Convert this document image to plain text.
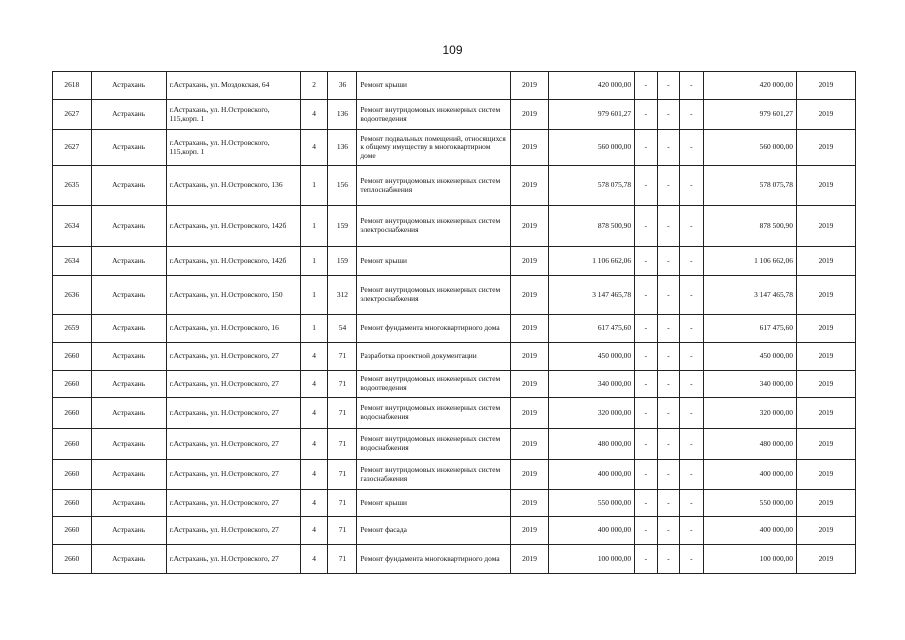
109
2618	Астрахань	г.Астрахань, ул. Моздокская, 64	2	36	Ремонт крыши	2019	420 000,00	-	-	-	420 000,00	2019
2627	Астрахань	г.Астрахань, ул. Н.Островского, 115,корп. 1	4	136	Ремонт внутридомовых инженерных систем водоотведения	2019	979 601,27	-	-	-	979 601,27	2019
2627	Астрахань	г.Астрахань, ул. Н.Островского, 115,корп. 1	4	136	Ремонт подвальных помещений, относящихся к общему имуществу в многоквартирном доме	2019	560 000,00	-	-	-	560 000,00	2019
2635	Астрахань	г.Астрахань, ул. Н.Островского, 136	1	156	Ремонт внутридомовых инженерных систем теплоснабжения	2019	578 075,78	-	-	-	578 075,78	2019
2634	Астрахань	г.Астрахань, ул. Н.Островского, 142б	1	159	Ремонт внутридомовых инженерных систем электроснабжения	2019	878 500,90	-	-	-	878 500,90	2019
2634	Астрахань	г.Астрахань, ул. Н.Островского, 142б	1	159	Ремонт крыши	2019	1 106 662,06	-	-	-	1 106 662,06	2019
2636	Астрахань	г.Астрахань, ул. Н.Островского, 150	1	312	Ремонт внутридомовых инженерных систем электроснабжения	2019	3 147 465,78	-	-	-	3 147 465,78	2019
2659	Астрахань	г.Астрахань, ул. Н.Островского, 16	1	54	Ремонт фундамента многоквартирного дома	2019	617 475,60	-	-	-	617 475,60	2019
2660	Астрахань	г.Астрахань, ул. Н.Островского, 27	4	71	Разработка проектной документации	2019	450 000,00	-	-	-	450 000,00	2019
2660	Астрахань	г.Астрахань, ул. Н.Островского, 27	4	71	Ремонт внутридомовых инженерных систем водоотведения	2019	340 000,00	-	-	-	340 000,00	2019
2660	Астрахань	г.Астрахань, ул. Н.Островского, 27	4	71	Ремонт внутридомовых инженерных систем водоснабжения	2019	320 000,00	-	-	-	320 000,00	2019
2660	Астрахань	г.Астрахань, ул. Н.Островского, 27	4	71	Ремонт внутридомовых инженерных систем водоснабжения	2019	480 000,00	-	-	-	480 000,00	2019
2660	Астрахань	г.Астрахань, ул. Н.Островского, 27	4	71	Ремонт внутридомовых инженерных систем газоснабжения	2019	400 000,00	-	-	-	400 000,00	2019
2660	Астрахань	г.Астрахань, ул. Н.Островского, 27	4	71	Ремонт крыши	2019	550 000,00	-	-	-	550 000,00	2019
2660	Астрахань	г.Астрахань, ул. Н.Островского, 27	4	71	Ремонт фасада	2019	400 000,00	-	-	-	400 000,00	2019
2660	Астрахань	г.Астрахань, ул. Н.Островского, 27	4	71	Ремонт фундамента многоквартирного дома	2019	100 000,00	-	-	-	100 000,00	2019
